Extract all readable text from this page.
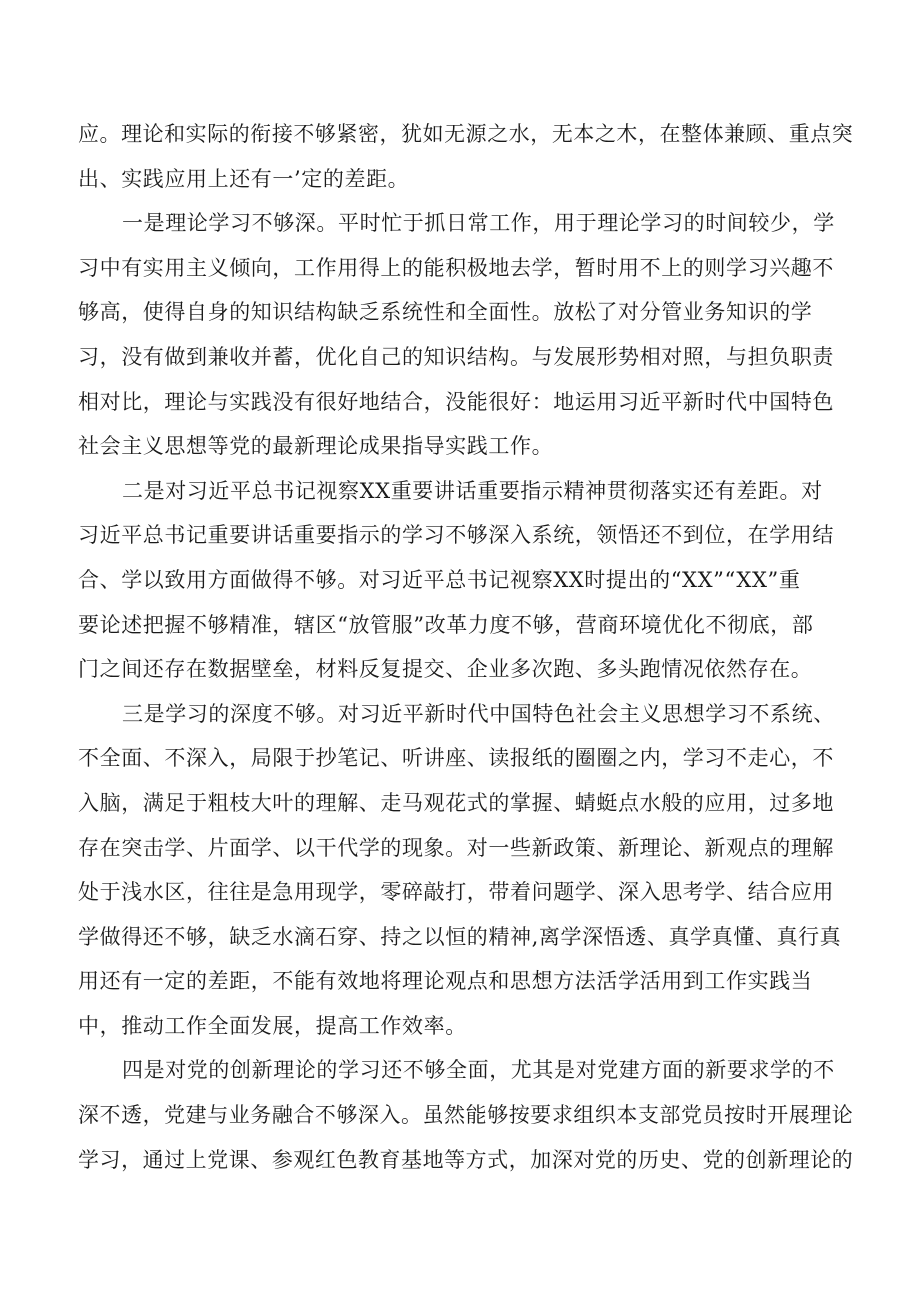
应。理论和实际的衔接不够紧密，犹如无源之水，无本之木，在整体兼顾、重点突
出、实践应用上还有一’定的差距。
一是理论学习不够深。平时忙于抓日常工作，用于理论学习的时间较少，学
习中有实用主义倾向，工作用得上的能积极地去学，暂时用不上的则学习兴趣不
够高，使得自身的知识结构缺乏系统性和全面性。放松了对分管业务知识的学
习，没有做到兼收并蓄，优化自己的知识结构。与发展形势相对照，与担负职责
相对比，理论与实践没有很好地结合，没能很好：地运用习近平新时代中国特色
社会主义思想等党的最新理论成果指导实践工作。
二是对习近平总书记视察XX重要讲话重要指示精神贯彻落实还有差距。对
习近平总书记重要讲话重要指示的学习不够深入系统，领悟还不到位，在学用结
合、学以致用方面做得不够。对习近平总书记视察XX时提出的“XX”“XX”重
要论述把握不够精准，辖区“放管服”改革力度不够，营商环境优化不彻底，部
门之间还存在数据壁垒，材料反复提交、企业多次跑、多头跑情况依然存在。
三是学习的深度不够。对习近平新时代中国特色社会主义思想学习不系统、
不全面、不深入，局限于抄笔记、听讲座、读报纸的圈圈之内，学习不走心，不
入脑，满足于粗枝大叶的理解、走马观花式的掌握、蜻蜓点水般的应用，过多地
存在突击学、片面学、以干代学的现象。对一些新政策、新理论、新观点的理解
处于浅水区，往往是急用现学，零碎敲打，带着问题学、深入思考学、结合应用
学做得还不够，缺乏水滴石穿、持之以恒的精神,离学深悟透、真学真懂、真行真
用还有一定的差距，不能有效地将理论观点和思想方法活学活用到工作实践当
中，推动工作全面发展，提高工作效率。
四是对党的创新理论的学习还不够全面，尤其是对党建方面的新要求学的不
深不透，党建与业务融合不够深入。虽然能够按要求组织本支部党员按时开展理论
学习，通过上党课、参观红色教育基地等方式，加深对党的历史、党的创新理论的
